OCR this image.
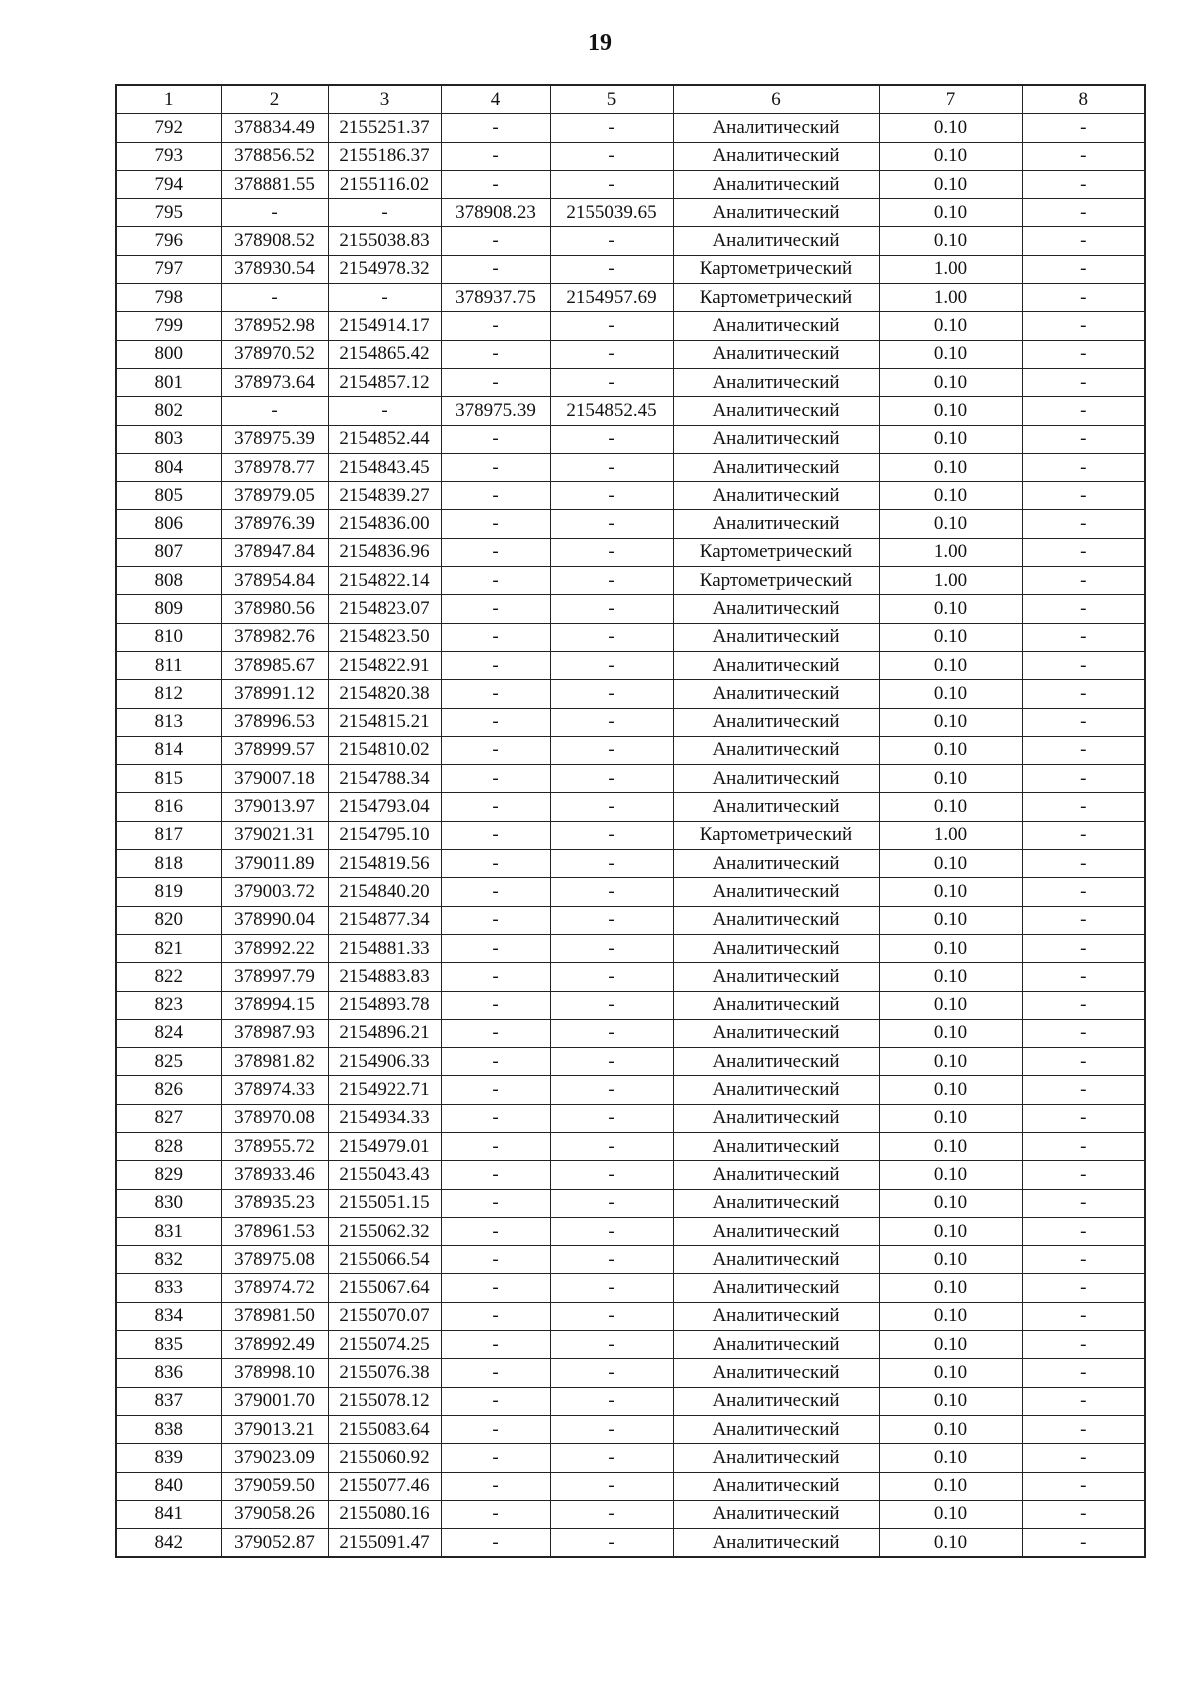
19
1	2	3	4	5	6	7	8
792	378834.49	2155251.37	-	-	Аналитический	0.10	-
793	378856.52	2155186.37	-	-	Аналитический	0.10	-
794	378881.55	2155116.02	-	-	Аналитический	0.10	-
795	-	-	378908.23	2155039.65	Аналитический	0.10	-
796	378908.52	2155038.83	-	-	Аналитический	0.10	-
797	378930.54	2154978.32	-	-	Картометрический	1.00	-
798	-	-	378937.75	2154957.69	Картометрический	1.00	-
799	378952.98	2154914.17	-	-	Аналитический	0.10	-
800	378970.52	2154865.42	-	-	Аналитический	0.10	-
801	378973.64	2154857.12	-	-	Аналитический	0.10	-
802	-	-	378975.39	2154852.45	Аналитический	0.10	-
803	378975.39	2154852.44	-	-	Аналитический	0.10	-
804	378978.77	2154843.45	-	-	Аналитический	0.10	-
805	378979.05	2154839.27	-	-	Аналитический	0.10	-
806	378976.39	2154836.00	-	-	Аналитический	0.10	-
807	378947.84	2154836.96	-	-	Картометрический	1.00	-
808	378954.84	2154822.14	-	-	Картометрический	1.00	-
809	378980.56	2154823.07	-	-	Аналитический	0.10	-
810	378982.76	2154823.50	-	-	Аналитический	0.10	-
811	378985.67	2154822.91	-	-	Аналитический	0.10	-
812	378991.12	2154820.38	-	-	Аналитический	0.10	-
813	378996.53	2154815.21	-	-	Аналитический	0.10	-
814	378999.57	2154810.02	-	-	Аналитический	0.10	-
815	379007.18	2154788.34	-	-	Аналитический	0.10	-
816	379013.97	2154793.04	-	-	Аналитический	0.10	-
817	379021.31	2154795.10	-	-	Картометрический	1.00	-
818	379011.89	2154819.56	-	-	Аналитический	0.10	-
819	379003.72	2154840.20	-	-	Аналитический	0.10	-
820	378990.04	2154877.34	-	-	Аналитический	0.10	-
821	378992.22	2154881.33	-	-	Аналитический	0.10	-
822	378997.79	2154883.83	-	-	Аналитический	0.10	-
823	378994.15	2154893.78	-	-	Аналитический	0.10	-
824	378987.93	2154896.21	-	-	Аналитический	0.10	-
825	378981.82	2154906.33	-	-	Аналитический	0.10	-
826	378974.33	2154922.71	-	-	Аналитический	0.10	-
827	378970.08	2154934.33	-	-	Аналитический	0.10	-
828	378955.72	2154979.01	-	-	Аналитический	0.10	-
829	378933.46	2155043.43	-	-	Аналитический	0.10	-
830	378935.23	2155051.15	-	-	Аналитический	0.10	-
831	378961.53	2155062.32	-	-	Аналитический	0.10	-
832	378975.08	2155066.54	-	-	Аналитический	0.10	-
833	378974.72	2155067.64	-	-	Аналитический	0.10	-
834	378981.50	2155070.07	-	-	Аналитический	0.10	-
835	378992.49	2155074.25	-	-	Аналитический	0.10	-
836	378998.10	2155076.38	-	-	Аналитический	0.10	-
837	379001.70	2155078.12	-	-	Аналитический	0.10	-
838	379013.21	2155083.64	-	-	Аналитический	0.10	-
839	379023.09	2155060.92	-	-	Аналитический	0.10	-
840	379059.50	2155077.46	-	-	Аналитический	0.10	-
841	379058.26	2155080.16	-	-	Аналитический	0.10	-
842	379052.87	2155091.47	-	-	Аналитический	0.10	-
